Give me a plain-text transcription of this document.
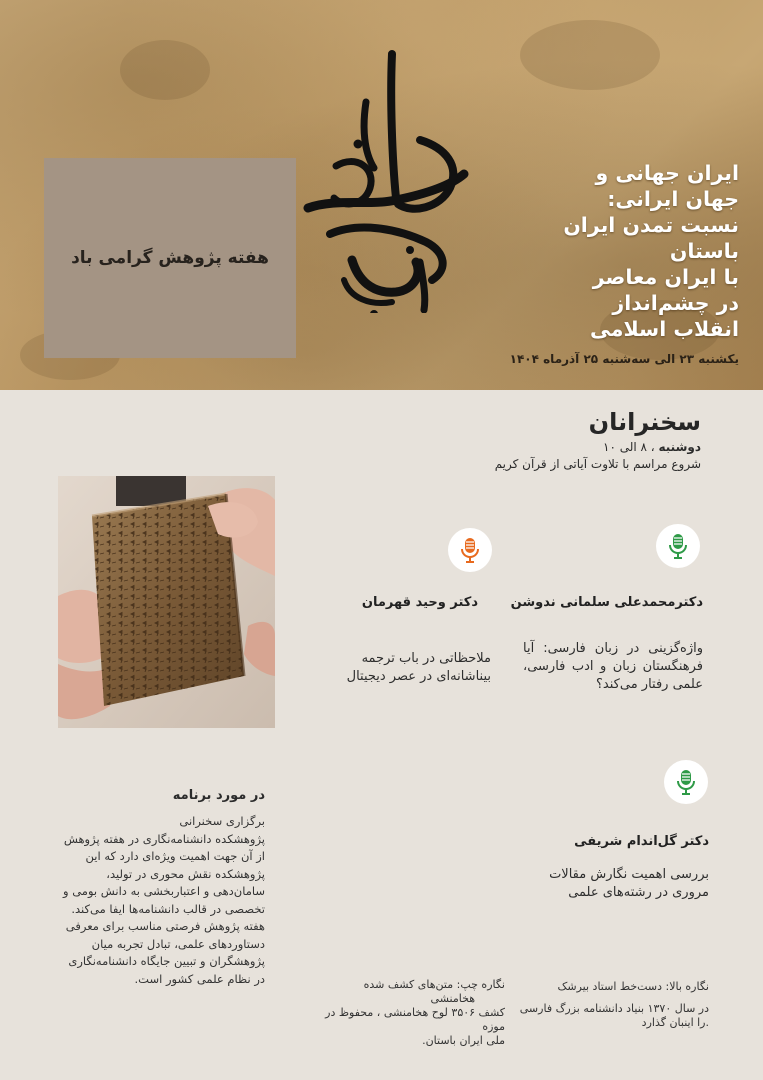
هفته پژوهش گرامی باد
ایران جهانی و
جهان ایرانی:
نسبت تمدن ایران
باستان
با ایران معاصر
در چشم‌انداز
انقلاب اسلامی
یکشنبه ۲۳ الی سه‌شنبه ۲۵ آذرماه ۱۴۰۴
سخنرانان
دوشنبه ، ۸ الی ۱۰
شروع مراسم با تلاوت آیاتی از قرآن کریم
دکترمحمدعلی سلمانی ندوشن
واژه‌گزینی در زبان فارسی: آیا فرهنگستان زبان و ادب فارسی، علمی رفتار می‌کند؟
دکتر وحید قهرمان
ملاحظاتی در باب ترجمه بیناشانه‌ای در عصر دیجیتال
دکتر گل‌اندام شریفی
بررسی اهمیت نگارش مقالات مروری در رشته‌های علمی
در مورد برنامه
برگزاری سخنرانی
پژوهشکده دانشنامه‌نگاری در هفته پژوهش
از آن جهت اهمیت ویژه‌ای دارد که این
پژوهشکده نقش محوری در تولید،
سامان‌دهی و اعتباربخشی به دانش بومی و
تخصصی در قالب دانشنامه‌ها ایفا می‌کند.
هفته پژوهش فرصتی مناسب برای معرفی
دستاوردهای علمی، تبادل تجربه میان
پژوهشگران و تبیین جایگاه دانشنامه‌نگاری
در نظام علمی کشور است.	نگاره چپ: متن‌های کشف شده
هخامنشی
کشف ۳۵۰۶ لوح هخامنشی ، محفوظ در موزه
ملی ایران باستان.
نگاره بالا: دست‌خط استاد بیرشک
در سال ۱۳۷۰ بنیاد دانشنامه بزرگ فارسی
.را اینبان گذارد
